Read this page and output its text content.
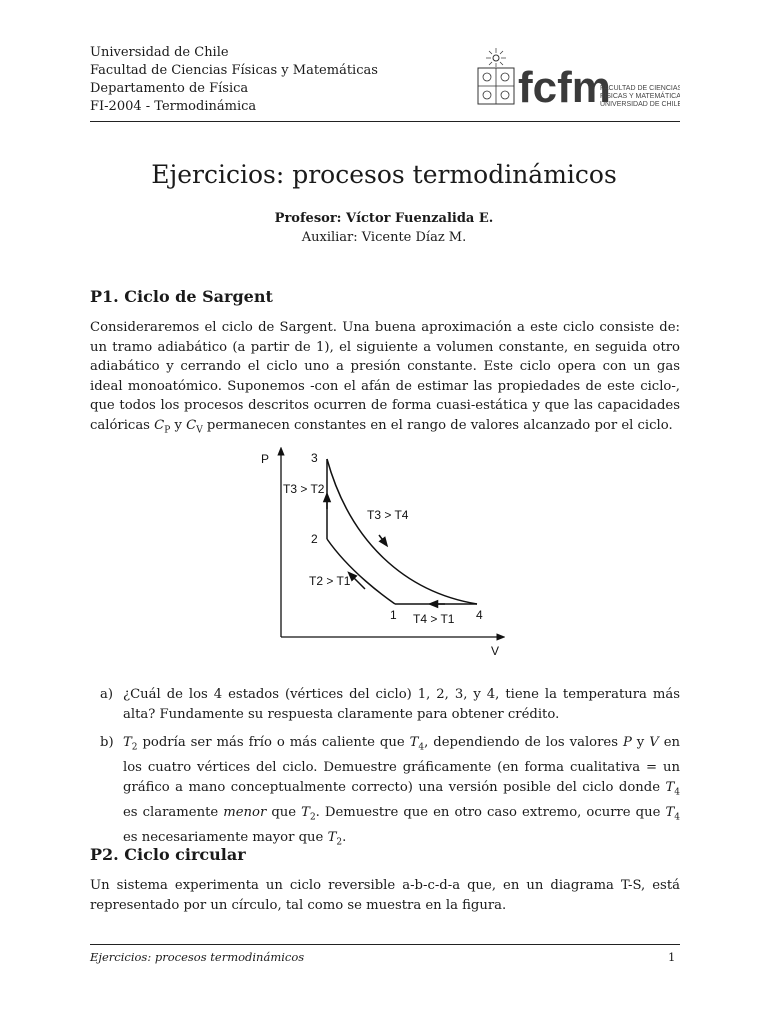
Universidad de Chile
Facultad de Ciencias Físicas y Matemáticas
Departamento de Física
FI-2004 - Termodinámica	fcfm
FACULTAD DE CIENCIAS
FÍSICAS Y MATEMÁTICAS
UNIVERSIDAD DE CHILE
Ejercicios: procesos termodinámicos
Profesor: Víctor Fuenzalida E.
Auxiliar: Vicente Díaz M.
P1. Ciclo de Sargent
Consideraremos el ciclo de Sargent. Una buena aproximación a este ciclo consiste de: un tramo adiabático (a partir de 1), el siguiente a volumen constante, en seguida otro adiabático y cerrando el ciclo uno a presión constante. Este ciclo opera con un gas ideal monoatómico. Suponemos -con el afán de estimar las propiedades de este ciclo-, que todos los procesos descritos ocurren de forma cuasi-estática y que las capacidades calóricas $C_P$ y $C_V$ permanecen constantes en el rango de valores alcanzado por el ciclo.
P
V
3
2
1	4
T3 > T2
T3 > T4
T2 > T1
T4 > T1
a) ¿Cuál de los 4 estados (vértices del ciclo) 1, 2, 3, y 4, tiene la temperatura más alta? Fundamente su respuesta claramente para obtener crédito.
b) $T_2$ podría ser más frío o más caliente que $T_4$, dependiendo de los valores P y V en los cuatro vértices del ciclo. Demuestre gráficamente (en forma cualitativa = un gráfico a mano conceptualmente correcto) una versión posible del ciclo donde $T_4$ es claramente menor que $T_2$. Demuestre que en otro caso extremo, ocurre que $T_4$ es necesariamente mayor que $T_2$.
P2. Ciclo circular
Un sistema experimenta un ciclo reversible a-b-c-d-a que, en un diagrama T-S, está representado por un círculo, tal como se muestra en la figura.
Ejercicios: procesos termodinámicos	1
